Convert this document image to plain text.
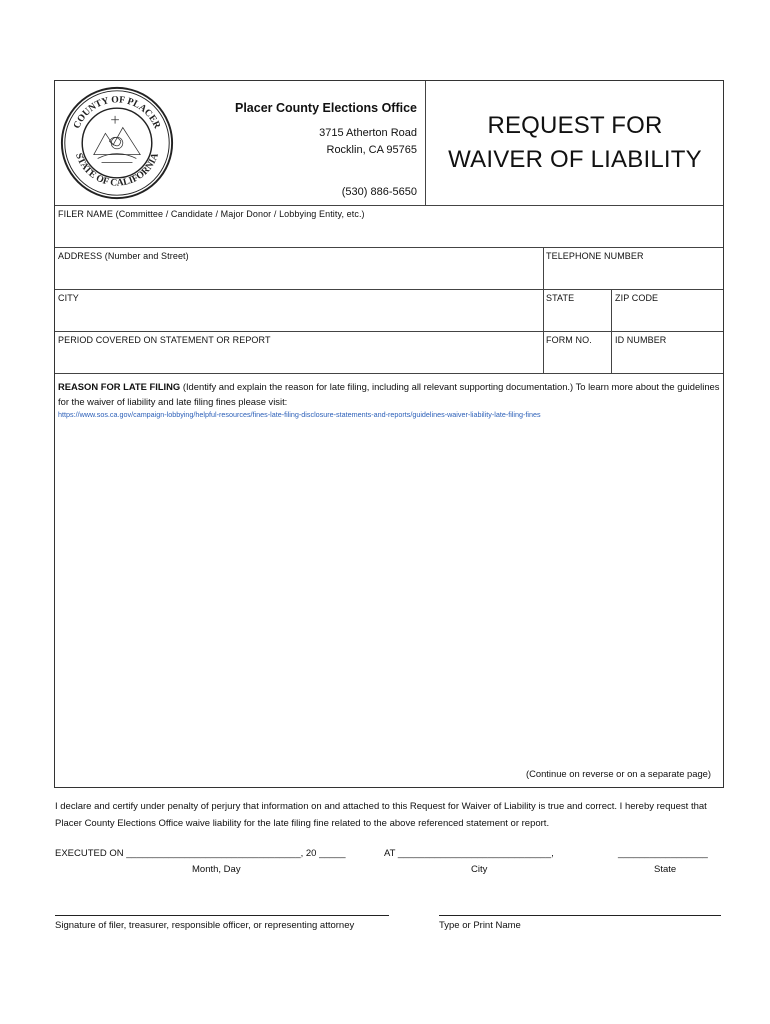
COUNTY OF PLACER
STATE OF CALIFORNIA
Placer County Elections Office
3715 Atherton Road
Rocklin, CA 95765
(530) 886-5650
REQUEST FOR
WAIVER OF LIABILITY
FILER NAME (Committee / Candidate / Major Donor / Lobbying Entity, etc.)
ADDRESS (Number and Street)	TELEPHONE NUMBER
CITY	STATE	ZIP CODE
PERIOD COVERED ON STATEMENT OR REPORT	FORM NO.	ID NUMBER
REASON FOR LATE FILING (Identify and explain the reason for late filing, including all relevant supporting documentation.) To learn more about the guidelines for the waiver of liability and late filing fines please visit:
https://www.sos.ca.gov/campaign-lobbying/helpful-resources/fines-late-filing-disclosure-statements-and-reports/guidelines-waiver-liability-late-filing-fines
(Continue on reverse or on a separate page)
I declare and certify under penalty of perjury that information on and attached to this Request for Waiver of Liability is true and correct. I hereby request that Placer County Elections Office waive liability for the late filing fine related to the above referenced statement or report.
EXECUTED ON _________________________________, 20 _____	AT _____________________________,	_________________
Month, Day	City	State
Signature of filer, treasurer, responsible officer, or representing attorney	Type or Print Name
